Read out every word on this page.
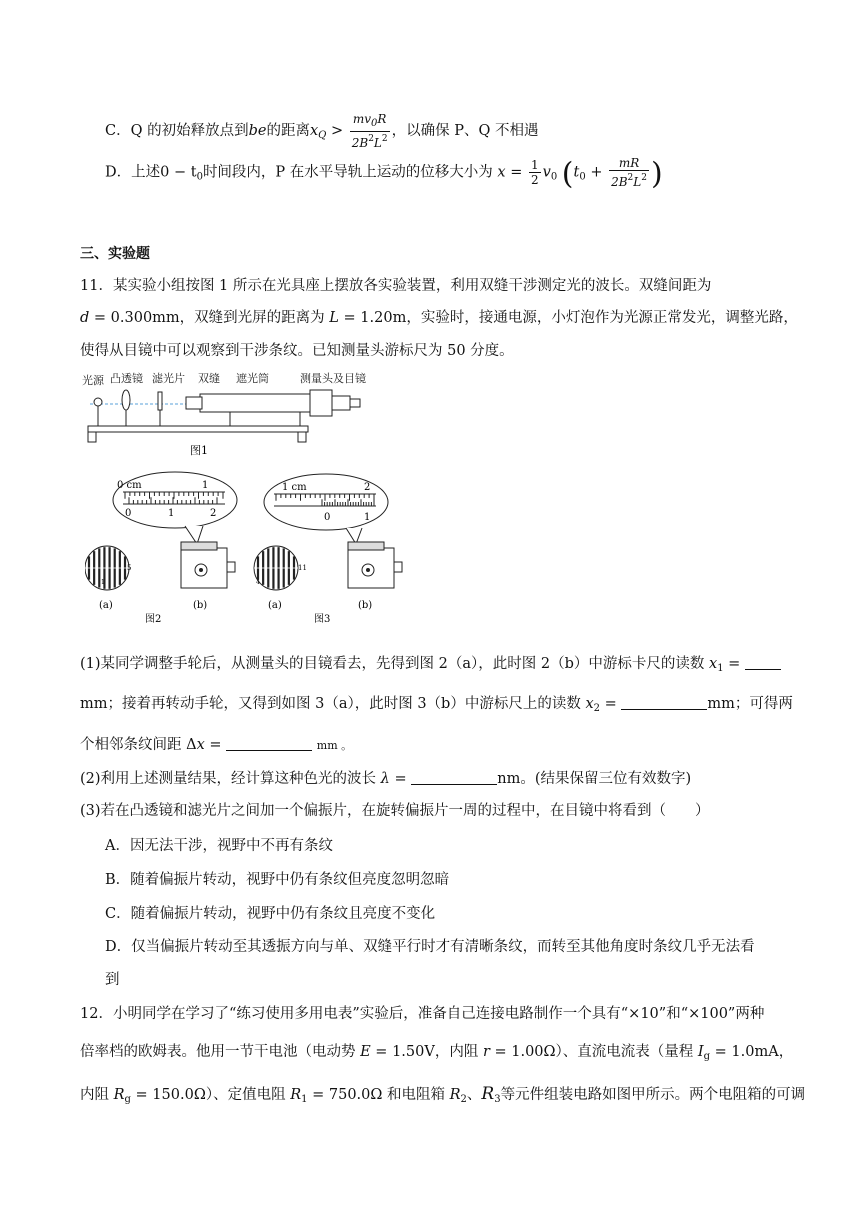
C．Q 的初始释放点到be的距离$x_Q > \frac{mv_0R}{2B^2L^2}$ ，以确保 P、Q 不相遇
D．上述$0 - t_0$时间段内，P 在水平导轨上运动的位移大小为 $x = \frac{1}{2} v_0$ ($t_0 + \frac{mR}{2B^2L^2}$ )
三、实验题
11．某实验小组按图 1 所示在光具座上摆放各实验装置，利用双缝干涉测定光的波长。双缝间距为
d = 0.300mm，双缝到光屏的距离为 L = 1.20m，实验时，接通电源，小灯泡作为光源正常发光，调整光路，
使得从目镜中可以观察到干涉条纹。已知测量头游标尺为 50 分度。
光源 凸透镜 滤光片 双缝 遮光筒	测量头及目镜
图1
0 cm	1
0	1	2
1
5
(a)	(b)
图2
1 cm	2
0	1
4
11
(a)	(b)
图3
(1)某同学调整手轮后，从测量头的目镜看去，先得到图 2（a），此时图 2（b）中游标卡尺的读数 $x_1$ =
mm；接着再转动手轮，又得到如图 3（a），此时图 3（b）中游标尺上的读数 $x_2$ =	mm；可得两
个相邻条纹间距 Δx =	mm 。
(2)利用上述测量结果，经计算这种色光的波长 λ =	nm。(结果保留三位有效数字)
(3)若在凸透镜和滤光片之间加一个偏振片，在旋转偏振片一周的过程中，在目镜中将看到（　　）
A．因无法干涉，视野中不再有条纹
B．随着偏振片转动，视野中仍有条纹但亮度忽明忽暗
C．随着偏振片转动，视野中仍有条纹且亮度不变化
D．仅当偏振片转动至其透振方向与单、双缝平行时才有清晰条纹，而转至其他角度时条纹几乎无法看
到
12．小明同学在学习了“练习使用多用电表”实验后，准备自己连接电路制作一个具有“×10”和“×100”两种
倍率档的欧姆表。他用一节干电池（电动势 E = 1.50V，内阻 r = 1.00Ω）、直流电流表（量程 $I_g = 1.0mA$，
内阻 $R_g = 150.0\Omega$）、定值电阻 $R_1 = 750.0\Omega$ 和电阻箱 $R_2$、$R_3$等元件组装电路如图甲所示。两个电阻箱的可调
